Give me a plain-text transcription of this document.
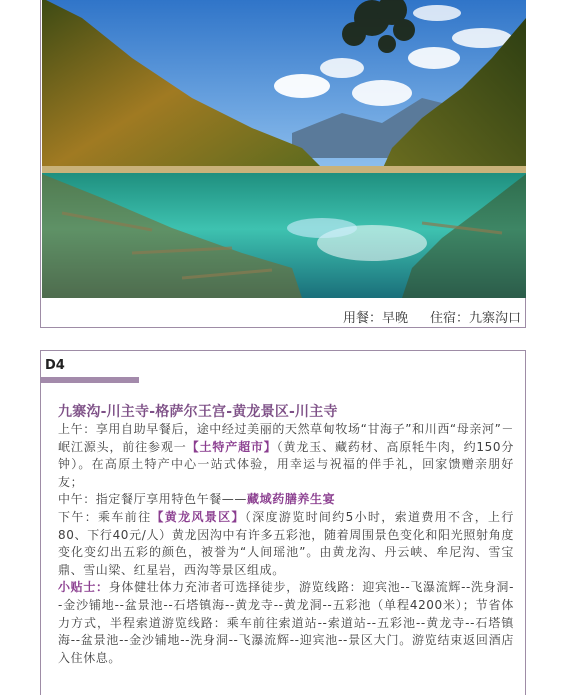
用餐：早晚 住宿：九寨沟口
D4
九寨沟-川主寺-格萨尔王宫-黄龙景区-川主寺

上午：享用自助早餐后，途中经过美丽的天然草甸牧场“甘海子”和川西“母亲河”－岷江源头，前往参观一【土特产超市】（黄龙玉、藏药材、高原牦牛肉，约150分钟）。在高原土特产中心一站式体验，用幸运与祝福的伴手礼，回家馈赠亲朋好友；

中午：指定餐厅享用特色午餐——藏域药膳养生宴

下午：乘车前往【黄龙风景区】（深度游览时间约5小时，索道费用不含，上行80、下行40元/人）黄龙因沟中有许多五彩池，随着周围景色变化和阳光照射角度变化变幻出五彩的颜色，被誉为“人间瑶池”。由黄龙沟、丹云峡、牟尼沟、雪宝鼎、雪山梁、红星岩，西沟等景区组成。

小贴士：身体健壮体力充沛者可选择徒步，游览线路：迎宾池--飞瀑流辉--洗身洞--金沙铺地--盆景池--石塔镇海--黄龙寺--黄龙洞--五彩池（单程4200米）；节省体力方式，半程索道游览线路：乘车前往索道站--索道站--五彩池--黄龙寺--石塔镇海--盆景池--金沙铺地--洗身洞--飞瀑流辉--迎宾池--景区大门。游览结束返回酒店入住休息。
